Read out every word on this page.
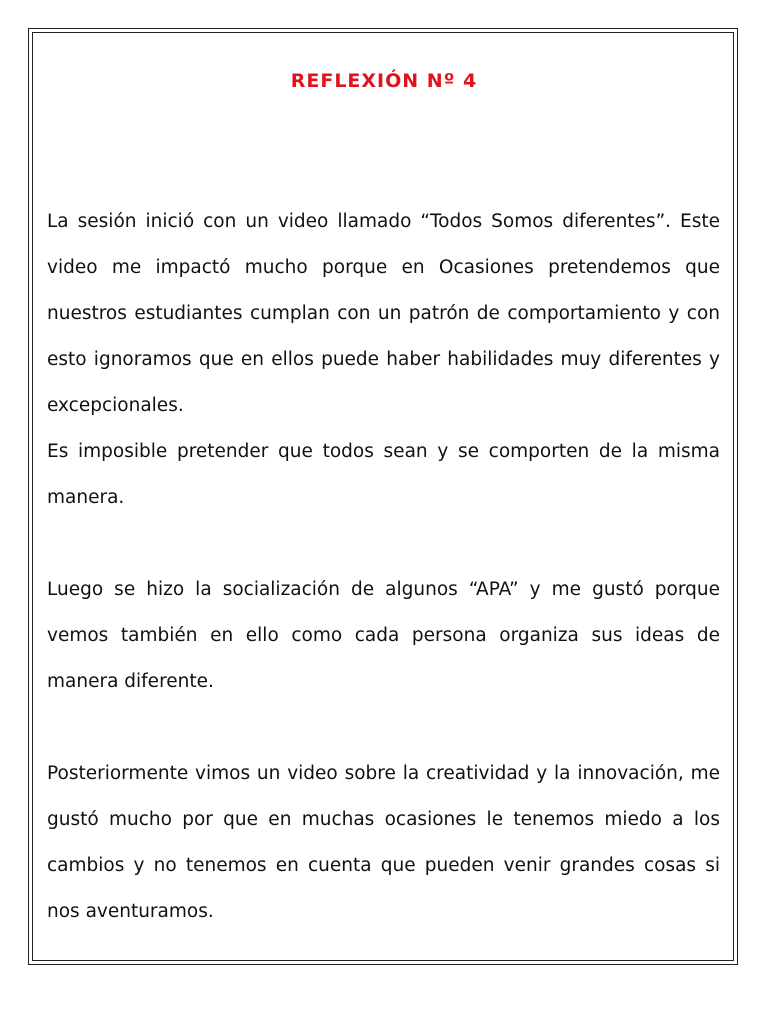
REFLEXIÓN Nº 4

La sesión inició con un video llamado “Todos Somos diferentes”. Este video me impactó mucho porque en Ocasiones pretendemos que nuestros estudiantes cumplan con un patrón de comportamiento y con esto ignoramos que en ellos puede haber habilidades muy diferentes y excepcionales.

Es imposible pretender que todos sean y se comporten de la misma manera.

Luego se hizo la socialización de algunos “APA” y me gustó porque vemos también en ello como cada persona organiza sus ideas de manera diferente.

Posteriormente vimos un video sobre la creatividad y la innovación, me gustó mucho por que en muchas ocasiones le tenemos miedo a los cambios y no tenemos en cuenta que pueden venir grandes cosas si nos aventuramos.
